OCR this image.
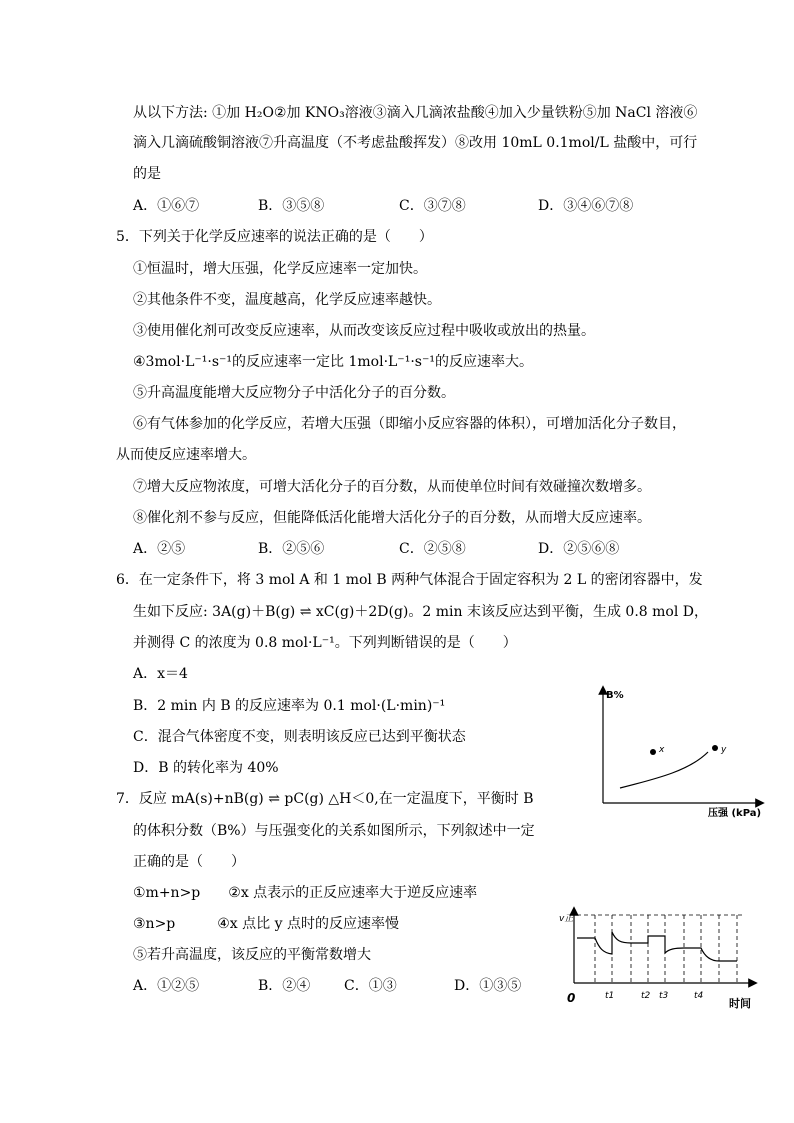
从以下方法: ①加 H₂O②加 KNO₃溶液③滴入几滴浓盐酸④加入少量铁粉⑤加 NaCl 溶液⑥
滴入几滴硫酸铜溶液⑦升高温度（不考虑盐酸挥发）⑧改用 10mL 0.1mol/L 盐酸中，可行
的是
A．①⑥⑦	B．③⑤⑧	C．③⑦⑧	D．③④⑥⑦⑧
5．下列关于化学反应速率的说法正确的是（　　）
①恒温时，增大压强，化学反应速率一定加快。
②其他条件不变，温度越高，化学反应速率越快。
③使用催化剂可改变反应速率，从而改变该反应过程中吸收或放出的热量。
④3mol·L⁻¹·s⁻¹的反应速率一定比 1mol·L⁻¹·s⁻¹的反应速率大。
⑤升高温度能增大反应物分子中活化分子的百分数。
⑥有气体参加的化学反应，若增大压强（即缩小反应容器的体积），可增加活化分子数目，
从而使反应速率增大。
⑦增大反应物浓度，可增大活化分子的百分数，从而使单位时间有效碰撞次数增多。
⑧催化剂不参与反应，但能降低活化能增大活化分子的百分数，从而增大反应速率。
A．②⑤	B．②⑤⑥	C．②⑤⑧	D．②⑤⑥⑧
6．在一定条件下，将 3 mol A 和 1 mol B 两种气体混合于固定容积为 2 L 的密闭容器中，发
生如下反应: 3A(g)＋B(g) ⇌ xC(g)＋2D(g)。2 min 末该反应达到平衡，生成 0.8 mol D，
并测得 C 的浓度为 0.8 mol·L⁻¹。下列判断错误的是（　　）
A．x＝4
B．2 min 内 B 的反应速率为 0.1 mol·(L·min)⁻¹
C．混合气体密度不变，则表明该反应已达到平衡状态
D．B 的转化率为 40%
7．反应 mA(s)+nB(g) ⇌ pC(g) △H＜0,在一定温度下，平衡时 B
的体积分数（B%）与压强变化的关系如图所示，下列叙述中一定
正确的是（　　）
①m+n>p　　②x 点表示的正反应速率大于逆反应速率
③n>p　　　④x 点比 y 点时的反应速率慢
⑤若升高温度，该反应的平衡常数增大
A．①②⑤	B．②④ C．①③	D．①③⑤
B%
压强 (kPa)
x	y
v正
0	t1	t2 t3	t4
时间
